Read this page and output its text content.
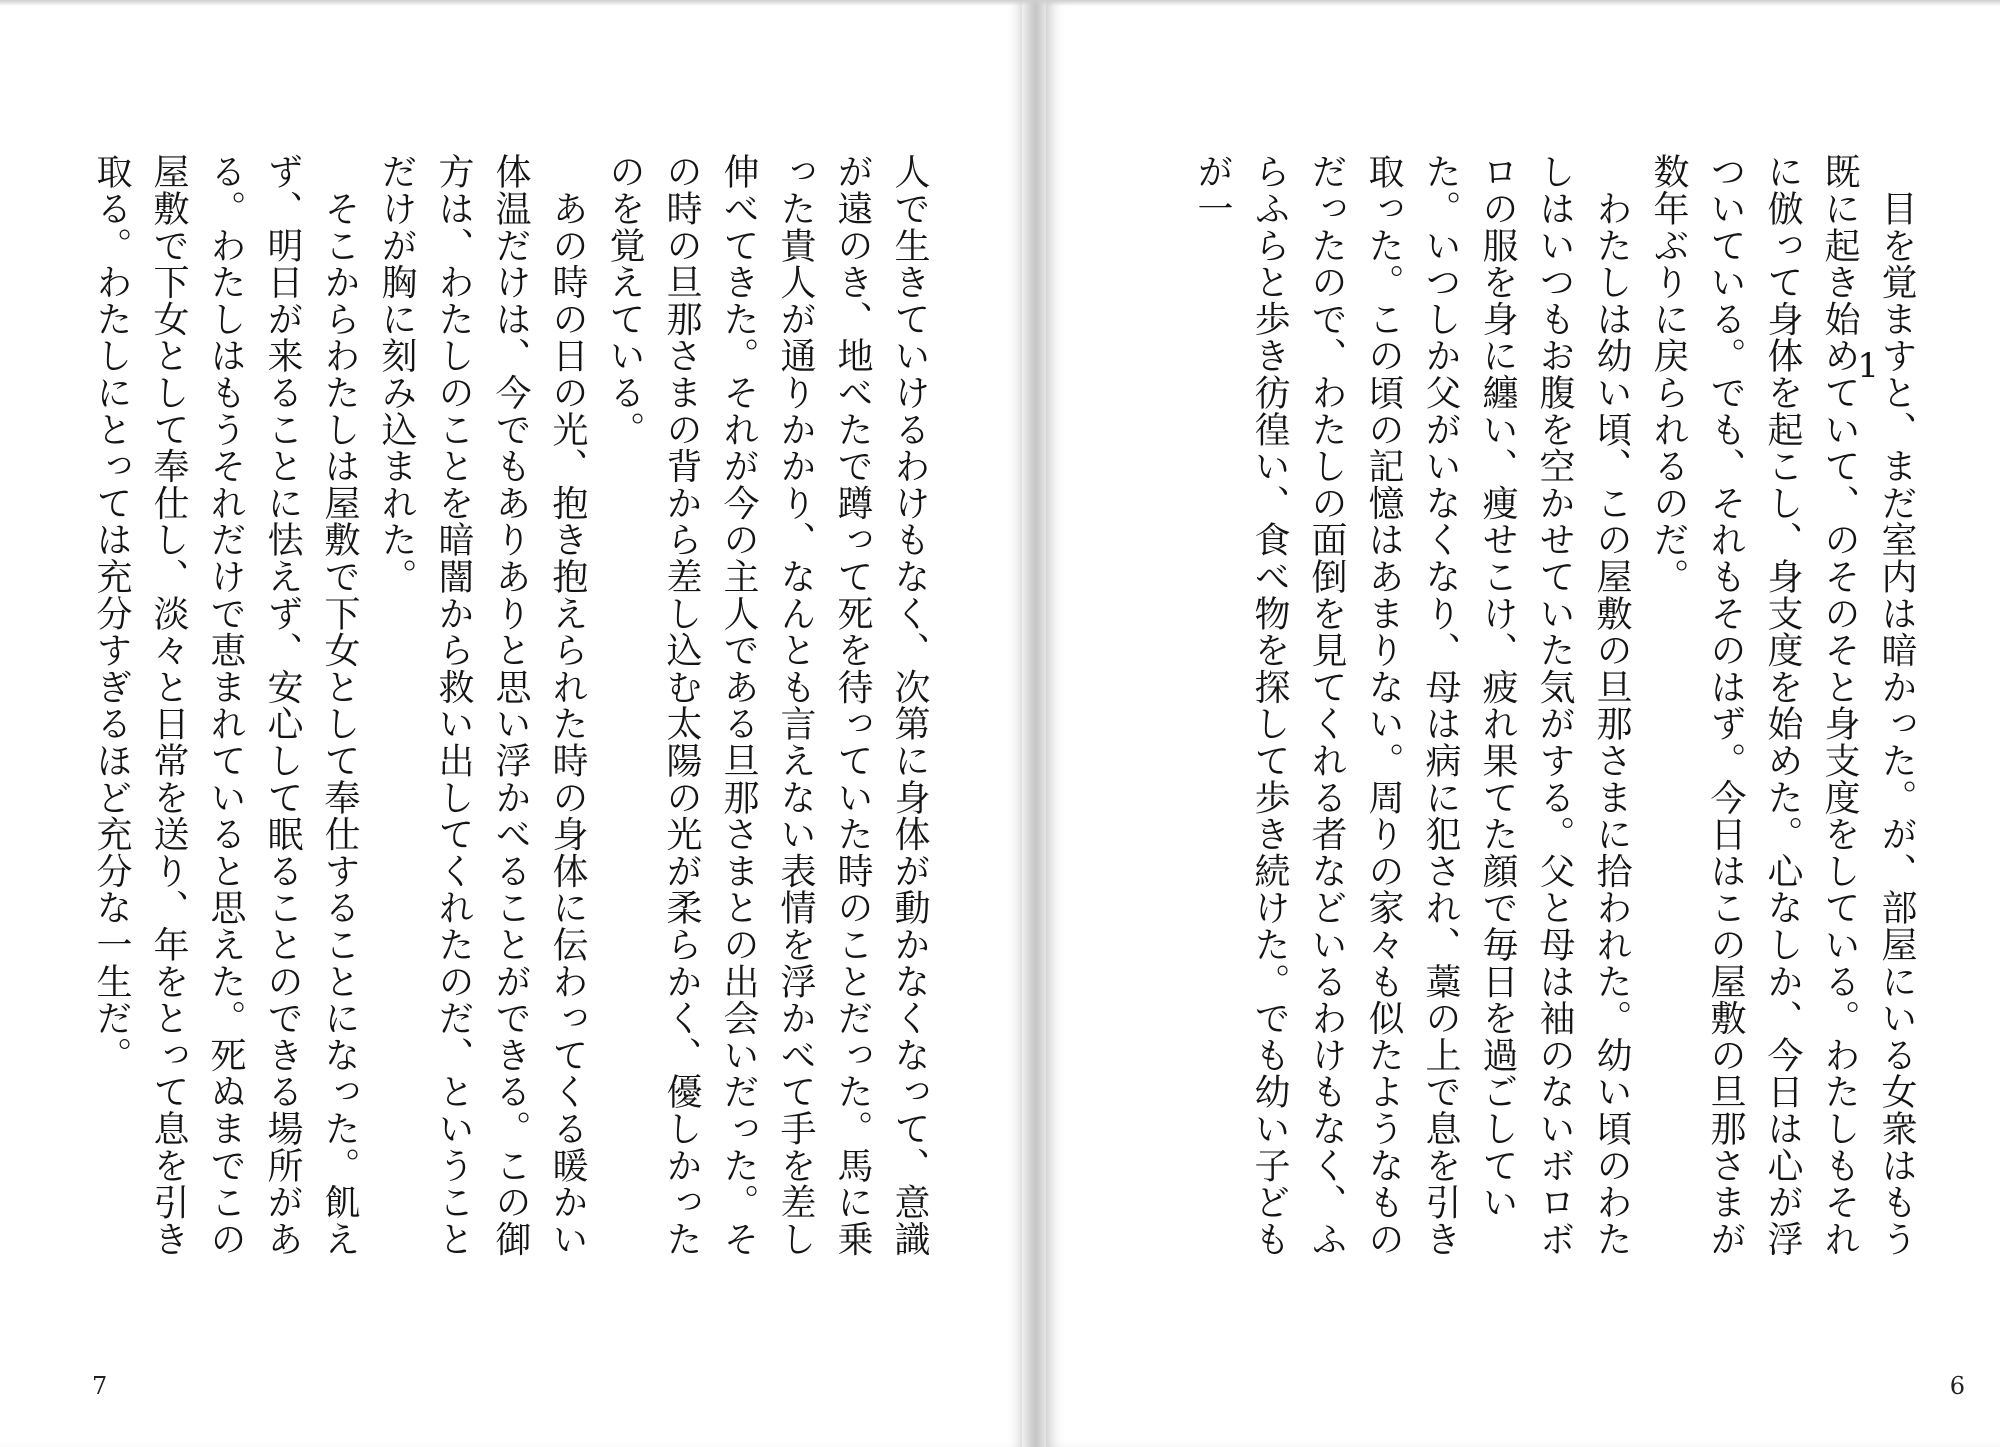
人で生きていけるわけもなく、次第に身体が動かなくなって、意識が遠のき、地べたで蹲って死を待っていた時のことだった。馬に乗った貴人が通りかかり、なんとも言えない表情を浮かべて手を差し伸べてきた。それが今の主人である旦那さまとの出会いだった。その時の旦那さまの背から差し込む太陽の光が柔らかく、優しかったのを覚えている。
　あの時の日の光、抱き抱えられた時の身体に伝わってくる暖かい体温だけは、今でもありありと思い浮かべることができる。この御方は、わたしのことを暗闇から救い出してくれたのだ、ということだけが胸に刻み込まれた。
　そこからわたしは屋敷で下女として奉仕することになった。飢えず、明日が来ることに怯えず、安心して眠ることのできる場所がある。わたしはもうそれだけで恵まれていると思えた。死ぬまでこの屋敷で下女として奉仕し、淡々と日常を送り、年をとって息を引き取る。わたしにとっては充分すぎるほど充分な一生だ。
7
1
　目を覚ますと、まだ室内は暗かった。が、部屋にいる女衆はもう既に起き始めていて、のそのそと身支度をしている。わたしもそれに倣って身体を起こし、身支度を始めた。心なしか、今日は心が浮ついている。でも、それもそのはず。今日はこの屋敷の旦那さまが数年ぶりに戻られるのだ。
　わたしは幼い頃、この屋敷の旦那さまに拾われた。幼い頃のわたしはいつもお腹を空かせていた気がする。父と母は袖のないボロボロの服を身に纏い、痩せこけ、疲れ果てた顔で毎日を過ごしていた。いつしか父がいなくなり、母は病に犯され、藁の上で息を引き取った。この頃の記憶はあまりない。周りの家々も似たようなものだったので、わたしの面倒を見てくれる者などいるわけもなく、ふらふらと歩き彷徨い、食べ物を探して歩き続けた。でも幼い子どもが一
6
